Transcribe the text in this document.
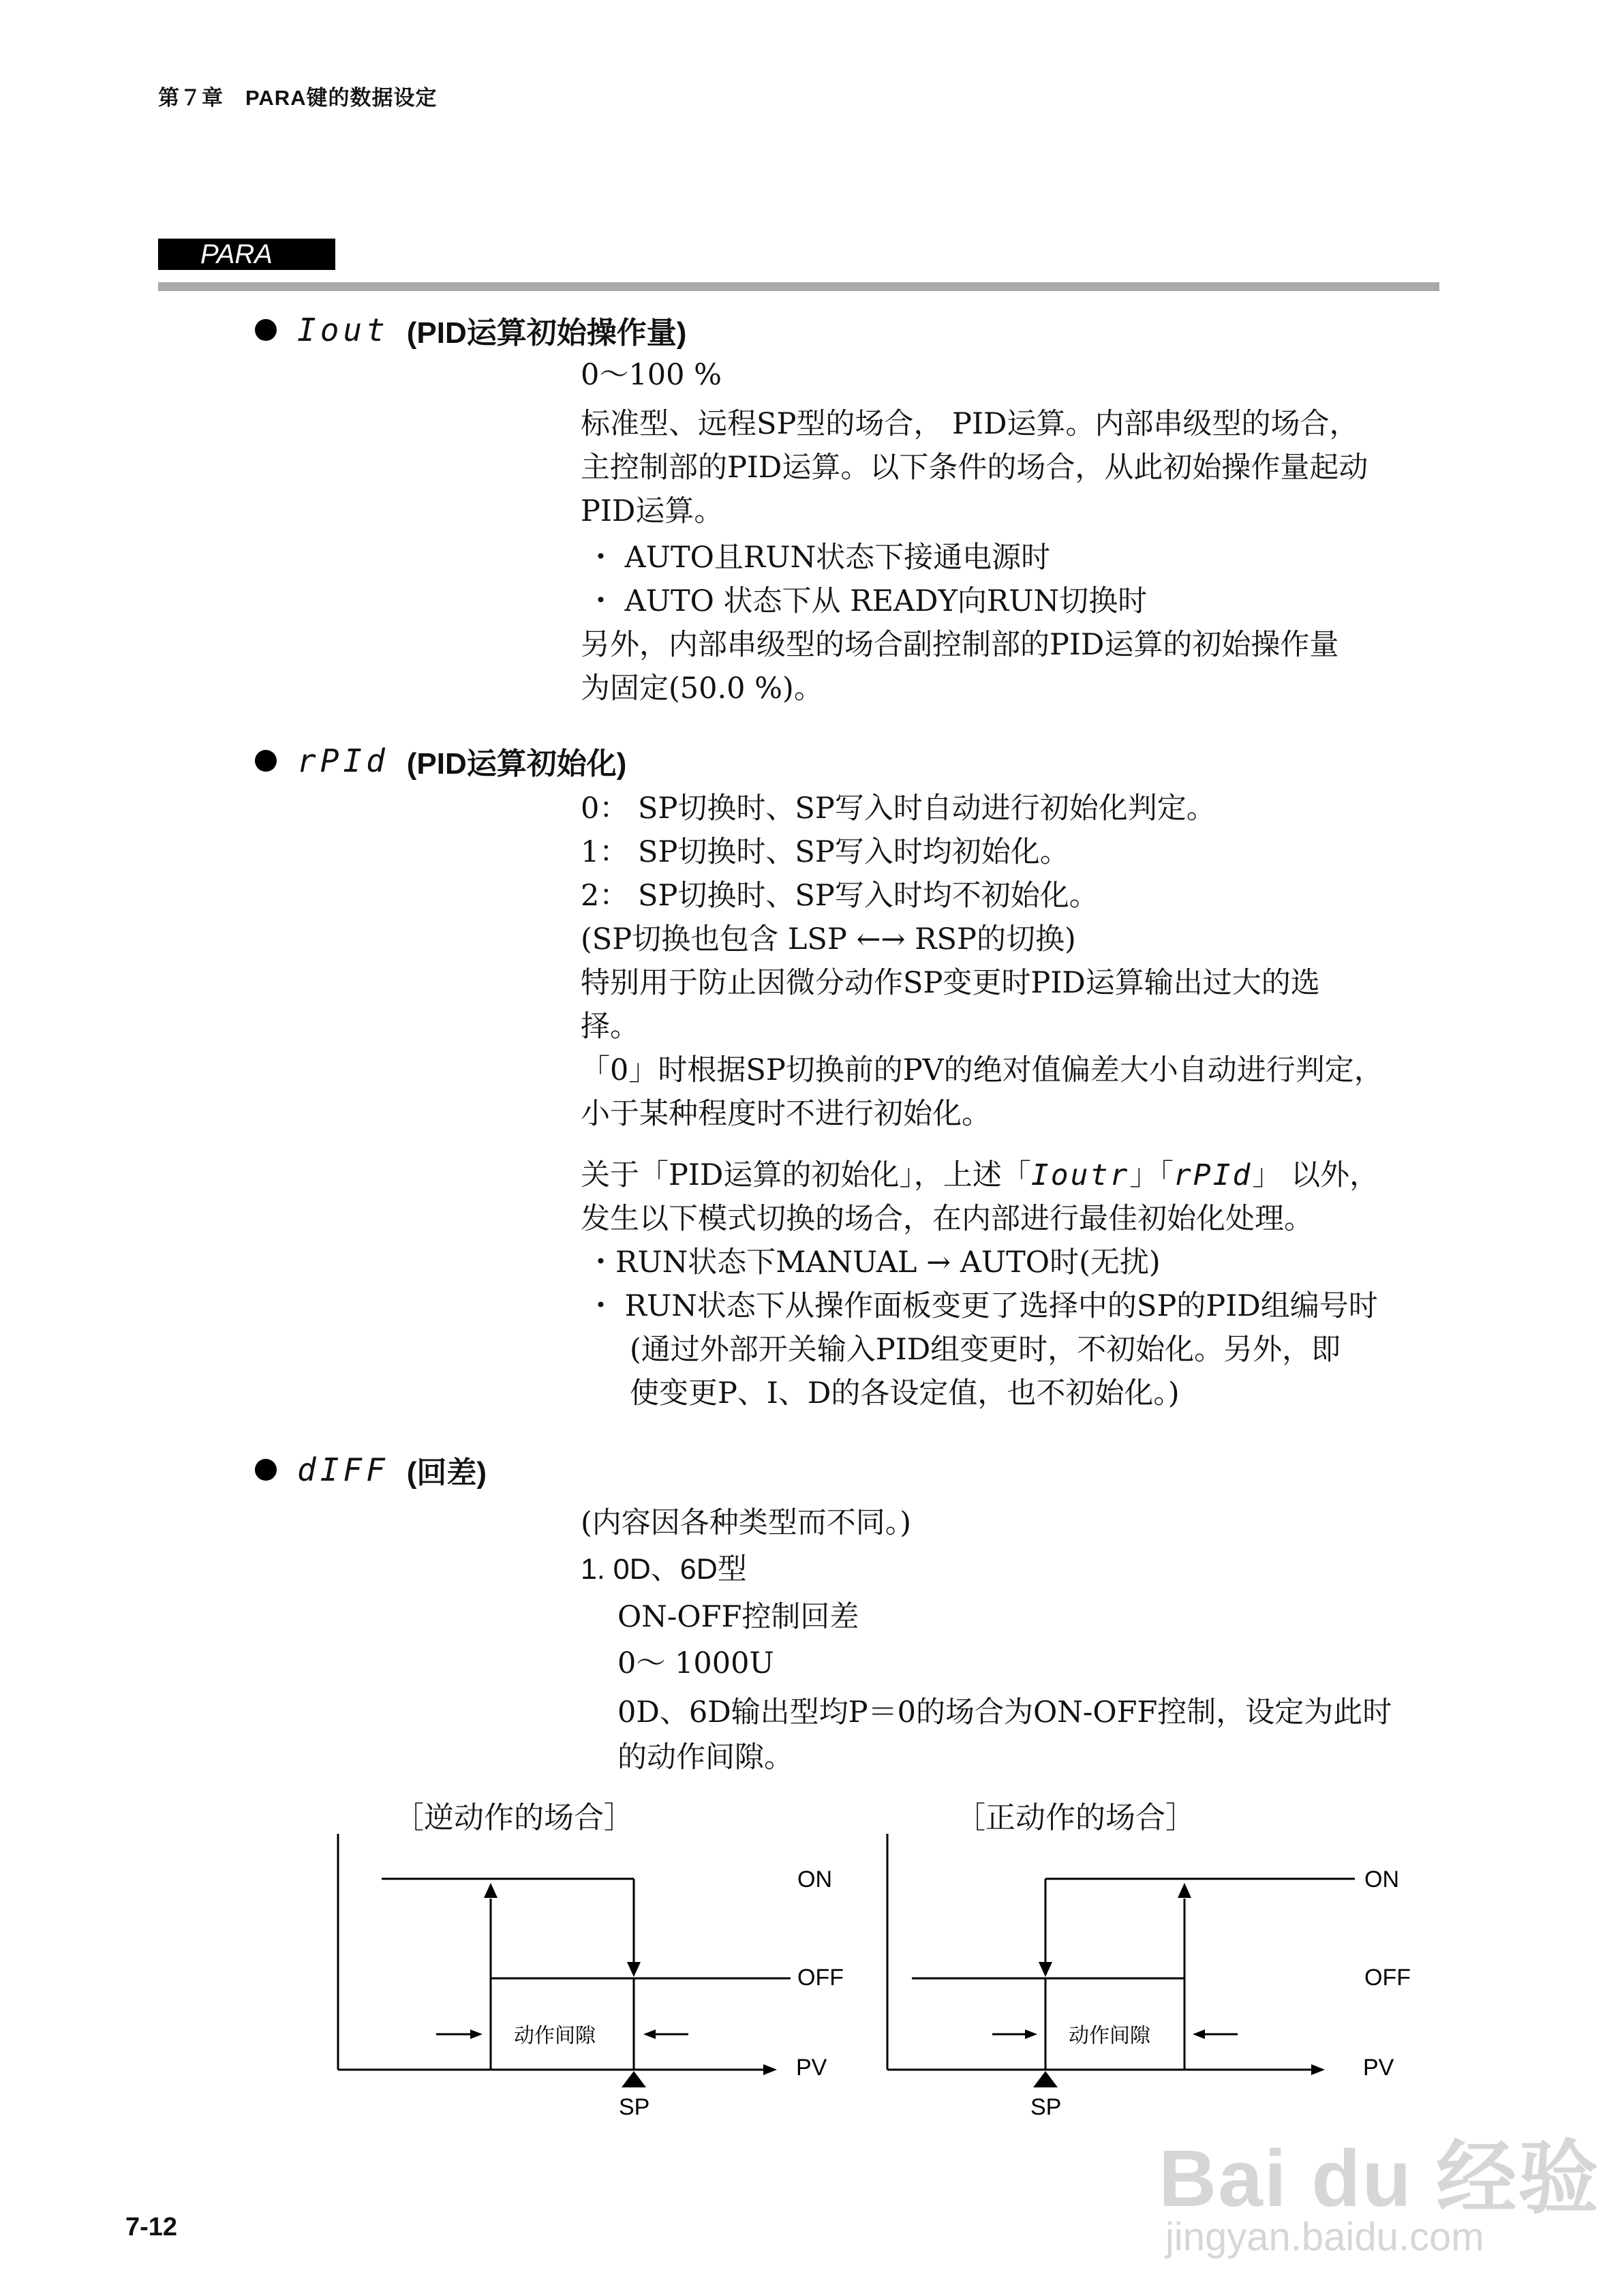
第７章　PARA键的数据设定
PARA
Iout (PID运算初始操作量)
0～100 %
标准型、远程SP型的场合， PID运算。内部串级型的场合，
主控制部的PID运算。以下条件的场合，从此初始操作量起动
PID运算。
・ AUTO且RUN状态下接通电源时
・ AUTO 状态下从 READY向RUN切换时
另外，内部串级型的场合副控制部的PID运算的初始操作量
为固定(50.0 %)。
rPId (PID运算初始化)
0： SP切换时、SP写入时自动进行初始化判定。
1： SP切换时、SP写入时均初始化。
2： SP切换时、SP写入时均不初始化。
(SP切换也包含 LSP ←→ RSP的切换)
特别用于防止因微分动作SP变更时PID运算输出过大的选
择。
「0」时根据SP切换前的PV的绝对值偏差大小自动进行判定，
小于某种程度时不进行初始化。
关于「PID运算的初始化」，上述「Ioutr」「rPId」 以外，
发生以下模式切换的场合，在内部进行最佳初始化处理。
・RUN状态下MANUAL → AUTO时(无扰)
・ RUN状态下从操作面板变更了选择中的SP的PID组编号时
(通过外部开关输入PID组变更时，不初始化。另外，即
使变更P、I、D的各设定值，也不初始化。)
dIFF (回差)
(内容因各种类型而不同。)
1. 0D、6D型
ON-OFF控制回差
0～ 1000U
0D、6D输出型均P＝0的场合为ON-OFF控制，设定为此时
的动作间隙。
［逆动作的场合］	［正动作的场合］
ON
OFF
动作间隙
PV
SP
ON
OFF
动作间隙
PV
SP
7-12
Bai du 经验
jingyan.baidu.com
